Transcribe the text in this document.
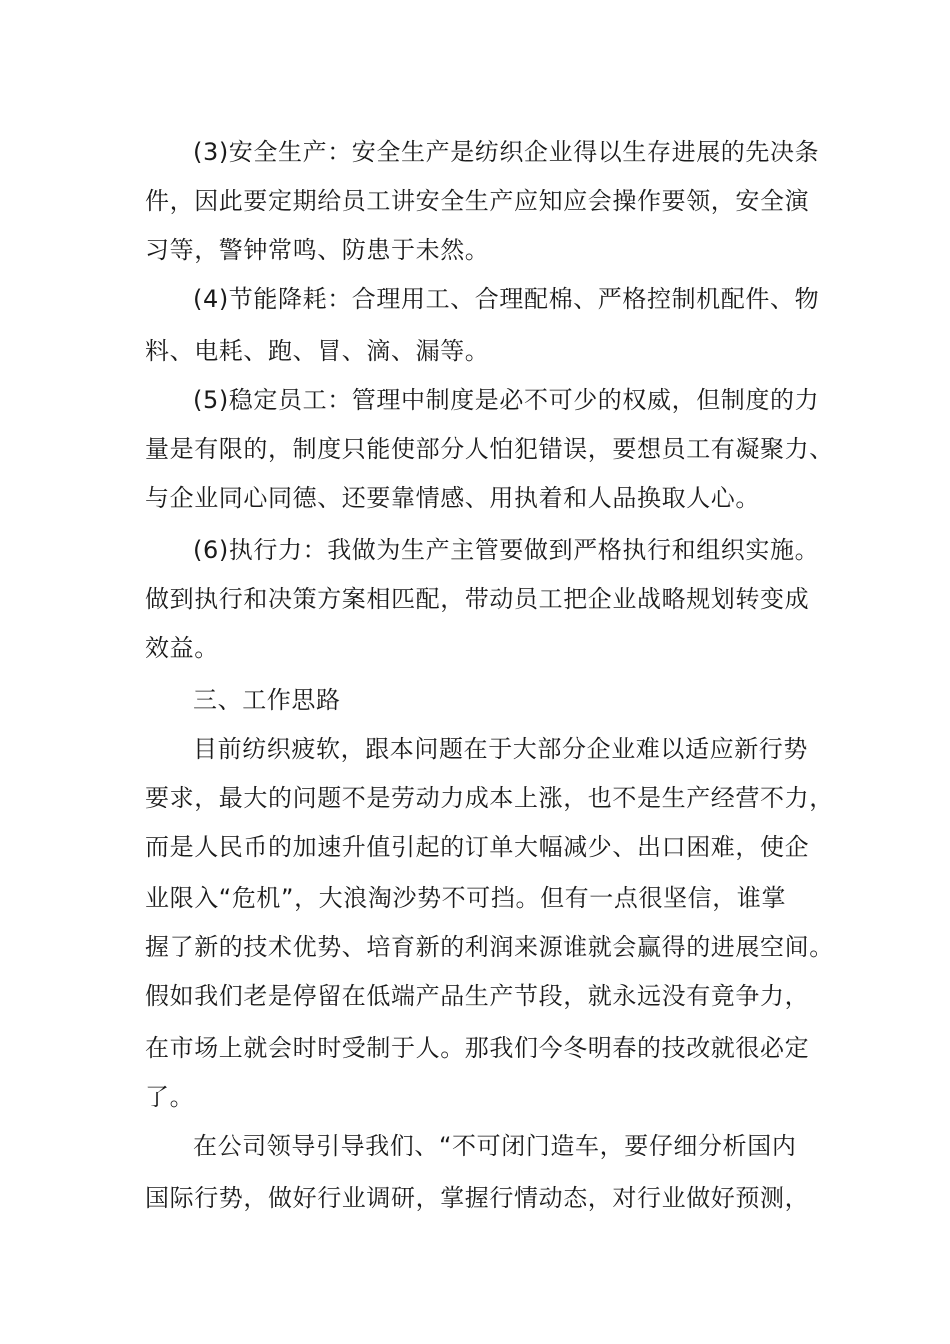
(3)安全生产：安全生产是纺织企业得以生存进展的先决条
件，因此要定期给员工讲安全生产应知应会操作要领，安全演
习等，警钟常鸣、防患于未然。
(4)节能降耗：合理用工、合理配棉、严格控制机配件、物
料、电耗、跑、冒、滴、漏等。
(5)稳定员工：管理中制度是必不可少的权威，但制度的力
量是有限的，制度只能使部分人怕犯错误，要想员工有凝聚力、
与企业同心同德、还要靠情感、用执着和人品换取人心。
(6)执行力：我做为生产主管要做到严格执行和组织实施。
做到执行和决策方案相匹配，带动员工把企业战略规划转变成
效益。
三、工作思路
目前纺织疲软，跟本问题在于大部分企业难以适应新行势
要求，最大的问题不是劳动力成本上涨，也不是生产经营不力，
而是人民币的加速升值引起的订单大幅减少、出口困难，使企
业限入“危机”，大浪淘沙势不可挡。但有一点很坚信，谁掌
握了新的技术优势、培育新的利润来源谁就会赢得的进展空间。
假如我们老是停留在低端产品生产节段，就永远没有竟争力，
在市场上就会时时受制于人。那我们今冬明春的技改就很必定
了。
在公司领导引导我们、“不可闭门造车，要仔细分析国内
国际行势，做好行业调研，掌握行情动态，对行业做好预测，
